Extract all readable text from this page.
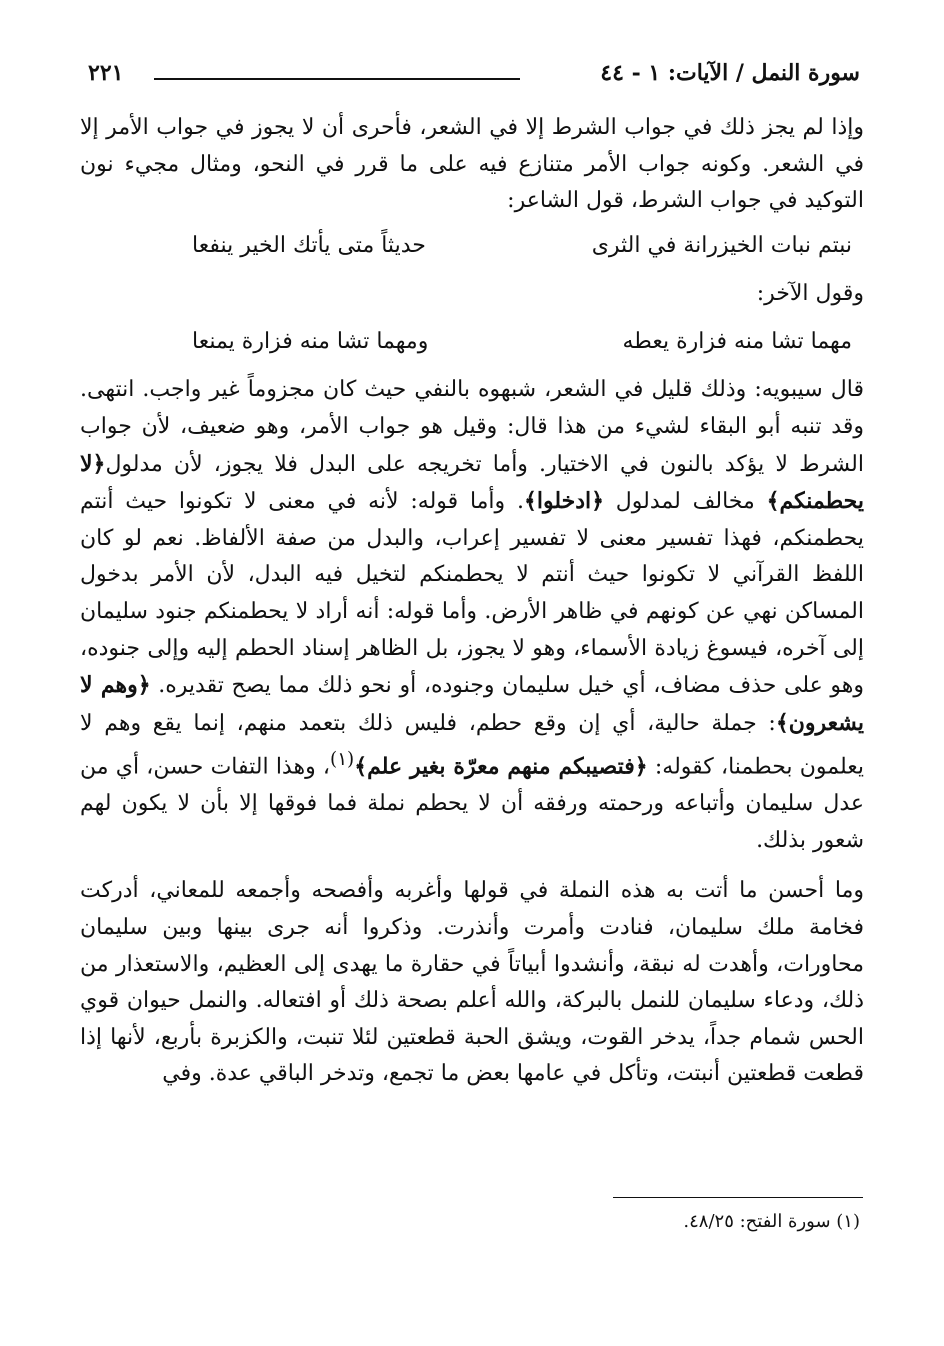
سورة النمل / الآيات: ١ - ٤٤
٢٢١

وإذا لم يجز ذلك في جواب الشرط إلا في الشعر، فأحرى أن لا يجوز في جواب الأمر إلا في الشعر. وكونه جواب الأمر متنازع فيه على ما قرر في النحو، ومثال مجيء نون التوكيد في جواب الشرط، قول الشاعر:

نبتم نبات الخيزرانة في الثرى
حديثاً متى يأتك الخير ينفعا

وقول الآخر:

مهما تشا منه فزارة يعطه
ومهما تشا منه فزارة يمنعا

قال سيبويه: وذلك قليل في الشعر، شبهوه بالنفي حيث كان مجزوماً غير واجب. انتهى. وقد تنبه أبو البقاء لشيء من هذا قال: وقيل هو جواب الأمر، وهو ضعيف، لأن جواب الشرط لا يؤكد بالنون في الاختيار. وأما تخريجه على البدل فلا يجوز، لأن مدلول﴿لا يحطمنكم﴾ مخالف لمدلول ﴿ادخلوا﴾. وأما قوله: لأنه في معنى لا تكونوا حيث أنتم يحطمنكم، فهذا تفسير معنى لا تفسير إعراب، والبدل من صفة الألفاظ. نعم لو كان اللفظ القرآني لا تكونوا حيث أنتم لا يحطمنكم لتخيل فيه البدل، لأن الأمر بدخول المساكن نهي عن كونهم في ظاهر الأرض. وأما قوله: أنه أراد لا يحطمنكم جنود سليمان إلى آخره، فيسوغ زيادة الأسماء، وهو لا يجوز، بل الظاهر إسناد الحطم إليه وإلى جنوده، وهو على حذف مضاف، أي خيل سليمان وجنوده، أو نحو ذلك مما يصح تقديره. ﴿وهم لا يشعرون﴾: جملة حالية، أي إن وقع حطم، فليس ذلك بتعمد منهم، إنما يقع وهم لا يعلمون بحطمنا، كقوله: ﴿فتصيبكم منهم معرّة بغير علم﴾$^{(١)}$، وهذا التفات حسن، أي من عدل سليمان وأتباعه ورحمته ورفقه أن لا يحطم نملة فما فوقها إلا بأن لا يكون لهم شعور بذلك.

وما أحسن ما أتت به هذه النملة في قولها وأغربه وأفصحه وأجمعه للمعاني، أدركت فخامة ملك سليمان، فنادت وأمرت وأنذرت. وذكروا أنه جرى بينها وبين سليمان محاورات، وأهدت له نبقة، وأنشدوا أبياتاً في حقارة ما يهدى إلى العظيم، والاستعذار من ذلك، ودعاء سليمان للنمل بالبركة، والله أعلم بصحة ذلك أو افتعاله. والنمل حيوان قوي الحس شمام جداً، يدخر القوت، ويشق الحبة قطعتين لئلا تنبت، والكزبرة بأربع، لأنها إذا قطعت قطعتين أنبتت، وتأكل في عامها بعض ما تجمع، وتدخر الباقي عدة. وفي

(١) سورة الفتح: ٤٨/٢٥.
